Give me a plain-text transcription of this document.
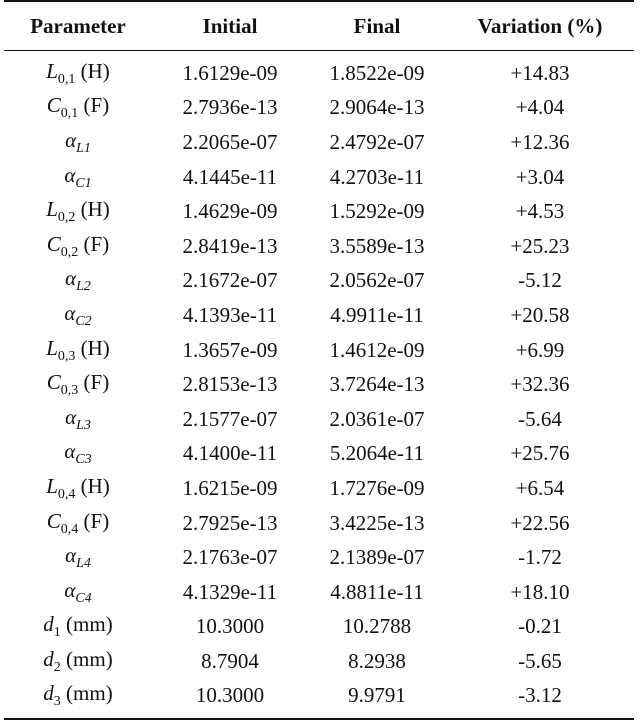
Parameter	Initial	Final	Variation (%)
$L_{0,1}$ (H)	1.6129e-09	1.8522e-09	+14.83
$C_{0,1}$ (F)	2.7936e-13	2.9064e-13	+4.04
$\alpha_{L1}$	2.2065e-07	2.4792e-07	+12.36
$\alpha_{C1}$	4.1445e-11	4.2703e-11	+3.04
$L_{0,2}$ (H)	1.4629e-09	1.5292e-09	+4.53
$C_{0,2}$ (F)	2.8419e-13	3.5589e-13	+25.23
$\alpha_{L2}$	2.1672e-07	2.0562e-07	-5.12
$\alpha_{C2}$	4.1393e-11	4.9911e-11	+20.58
$L_{0,3}$ (H)	1.3657e-09	1.4612e-09	+6.99
$C_{0,3}$ (F)	2.8153e-13	3.7264e-13	+32.36
$\alpha_{L3}$	2.1577e-07	2.0361e-07	-5.64
$\alpha_{C3}$	4.1400e-11	5.2064e-11	+25.76
$L_{0,4}$ (H)	1.6215e-09	1.7276e-09	+6.54
$C_{0,4}$ (F)	2.7925e-13	3.4225e-13	+22.56
$\alpha_{L4}$	2.1763e-07	2.1389e-07	-1.72
$\alpha_{C4}$	4.1329e-11	4.8811e-11	+18.10
$d_1$ (mm)	10.3000	10.2788	-0.21
$d_2$ (mm)	8.7904	8.2938	-5.65
$d_3$ (mm)	10.3000	9.9791	-3.12
